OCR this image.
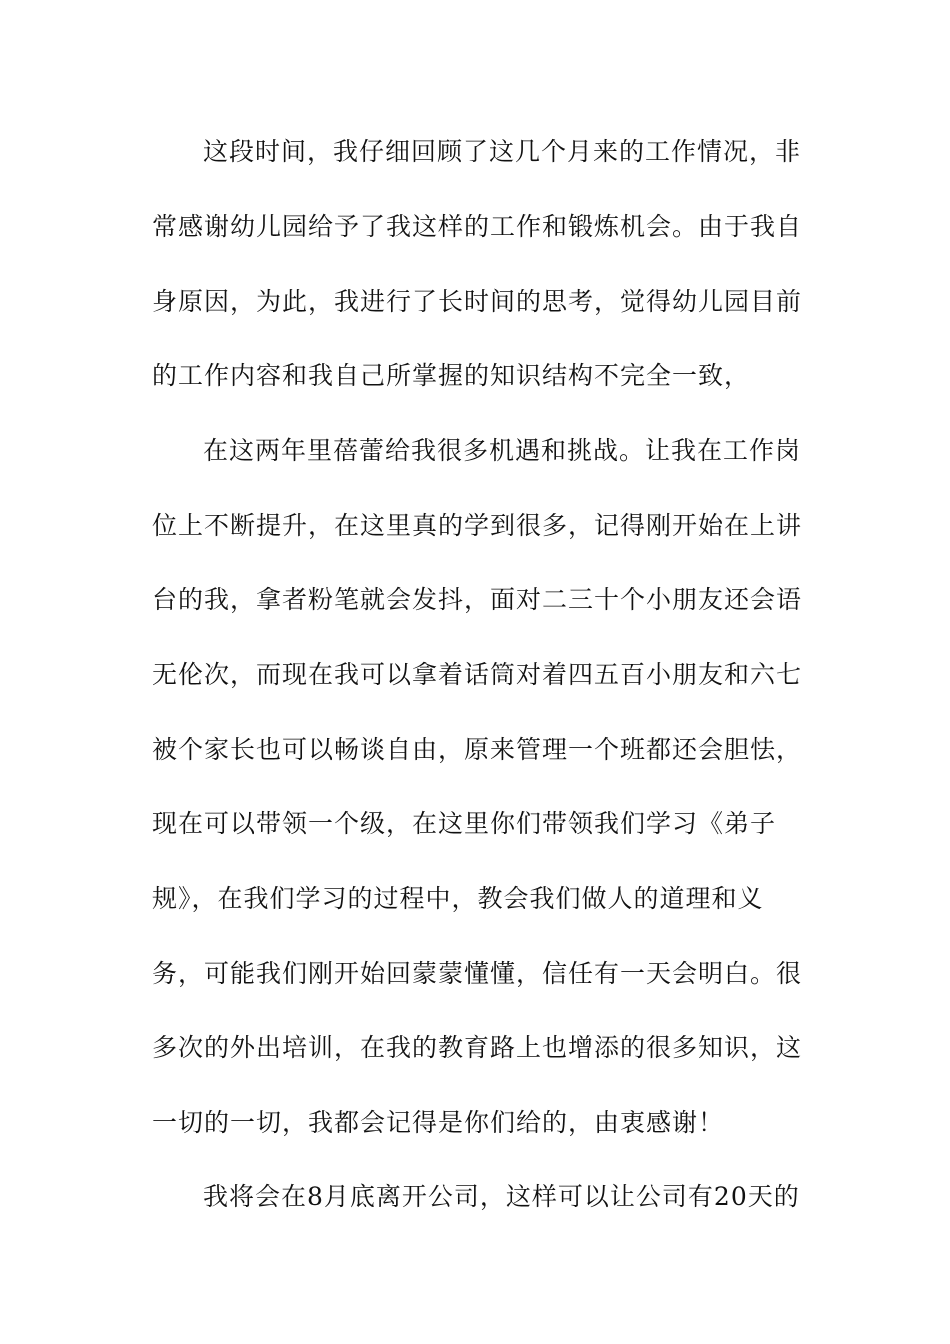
这段时间，我仔细回顾了这几个月来的工作情况，非
常感谢幼儿园给予了我这样的工作和锻炼机会。由于我自
身原因，为此，我进行了长时间的思考，觉得幼儿园目前
的工作内容和我自己所掌握的知识结构不完全一致，
在这两年里蓓蕾给我很多机遇和挑战。让我在工作岗
位上不断提升，在这里真的学到很多，记得刚开始在上讲
台的我，拿者粉笔就会发抖，面对二三十个小朋友还会语
无伦次，而现在我可以拿着话筒对着四五百小朋友和六七
被个家长也可以畅谈自由，原来管理一个班都还会胆怯，
现在可以带领一个级，在这里你们带领我们学习《弟子
规》，在我们学习的过程中，教会我们做人的道理和义
务，可能我们刚开始回蒙蒙懂懂，信任有一天会明白。很
多次的外出培训，在我的教育路上也增添的很多知识，这
一切的一切，我都会记得是你们给的，由衷感谢！
我将会在8月底离开公司，这样可以让公司有20天的
